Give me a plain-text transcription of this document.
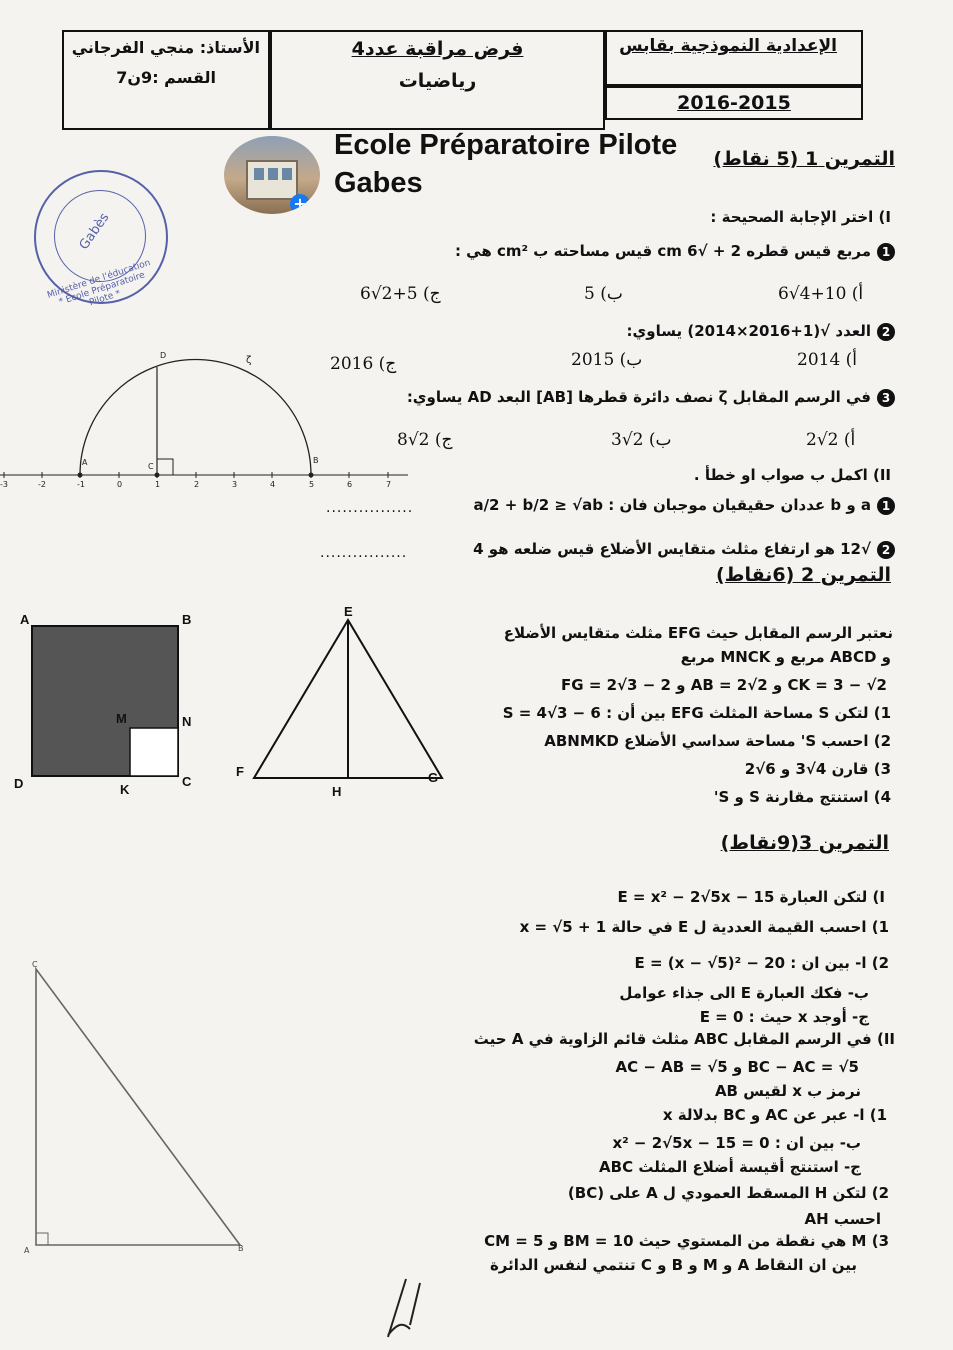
الأستاذ: منجي الفرجاني
القسم :9ن7
فرض مراقبة عدد4
رياضيات
الإعدادية النموذجية بقابس
2016-2015
+
Ecole Préparatoire Pilote
Gabes
Ministère de l'éducation * Ecole Préparatoire Pilote *
Gabès
التمرين 1 (5 نقاط)
I) اختر الإجابة الصحيحة :
1مربع قيس قطره 2 + √6 cm قيس مساحته ب cm² هي :
أ) 10+4√6
ب) 5
ج) 5+2√6
2العدد √(1+2016×2014) يساوي:
أ) 2014
ب) 2015
ج) 2016
3في الرسم المقابل ζ نصف دائرة قطرها [AB] البعد AD يساوي:
أ) 2√2
ب) 2√3
ج) 2√8
II) اكمل ب صواب او خطأ .
1a و b عددان حقيقيان موجبان فان : a/2 + b/2 ≥ √ab
................
2√12 هو ارتفاع مثلث متقايس الأضلاع قيس ضلعه هو 4
................
-3	-2	-1	0	1	2	3	4	5	6	7
D	ζ
A	C
B
التمرين 2 (6نقاط)
نعتبر الرسم المقابل حيث EFG مثلث متقايس الأضلاع
و ABCD مربع و MNCK مربع
CK = 3 − √2 و AB = 2√2 و FG = 2√3 − 2
1) لتكن S مساحة المثلث EFG بين أن : S = 4√3 − 6
2) احسب S' مساحة سداسي الأضلاع ABNMKD
3) قارن 4√3 و 6√2
4) استنتج مقارنة S و S'
A	B
C
D
M	N
K
E
F	G
H
التمرين 3(9نقاط)
I) لتكن العبارة E = x² − 2√5x − 15
1) احسب القيمة العددية ل E في حالة x = √5 + 1
2) ا- بين ان : E = (x − √5)² − 20
ب- فكك العبارة E الى جذاء عوامل
ج- أوجد x حيث : E = 0
II) في الرسم المقابل ABC مثلث قائم الزاوية في A حيث
BC − AC = √5 و AC − AB = √5
نرمز ب x لقيس AB
1) ا- عبر عن AC و BC بدلالة x
ب- بين ان : x² − 2√5x − 15 = 0
ج- استنتج أقيسة أضلاع المثلث ABC
2) لتكن H المسقط العمودي ل A على (BC)
احسب AH
3) M هي نقطة من المستوي حيث BM = 10 و CM = 5
بين ان النقاط A و M و B و C تنتمي لنفس الدائرة
C
A	B
